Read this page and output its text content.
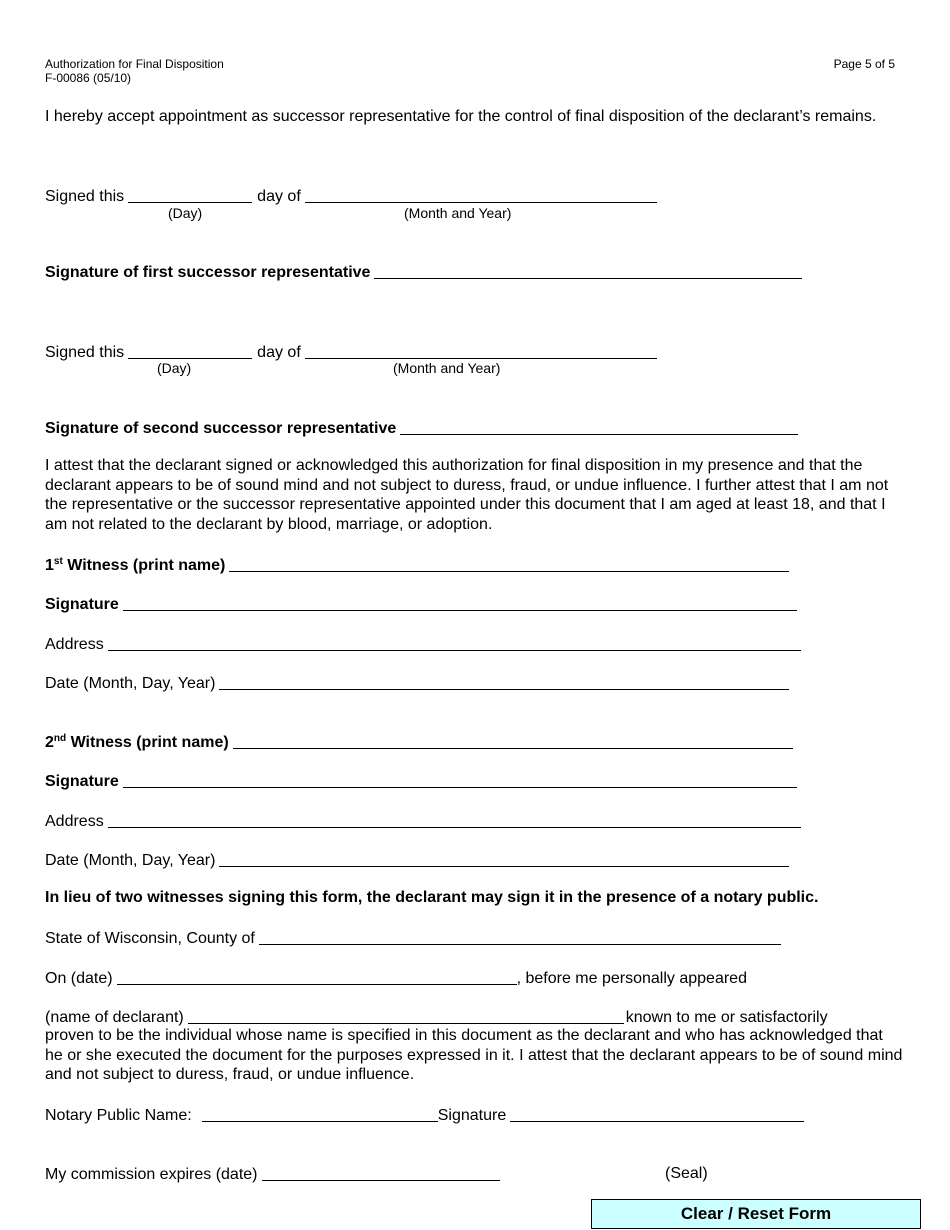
Authorization for Final Disposition
F-00086 (05/10)
Page 5 of 5
I hereby accept appointment as successor representative for the control of final disposition of the declarant’s remains.
Signed this	day of
(Day)	(Month and Year)
Signature of first successor representative
Signed this	day of
(Day)	(Month and Year)
Signature of second successor representative
I attest that the declarant signed or acknowledged this authorization for final disposition in my presence and that the declarant appears to be of sound mind and not subject to duress, fraud, or undue influence. I further attest that I am not the representative or the successor representative appointed under this document that I am aged at least 18, and that I am not related to the declarant by blood, marriage, or adoption.
1st Witness (print name)
Signature
Address
Date (Month, Day, Year)
2nd Witness (print name)
Signature
Address
Date (Month, Day, Year)
In lieu of two witnesses signing this form, the declarant may sign it in the presence of a notary public.
State of Wisconsin, County of
On (date)	, before me personally appeared
(name of declarant)	known to me or satisfactorily
proven to be the individual whose name is specified in this document as the declarant and who has acknowledged that he or she executed the document for the purposes expressed in it. I attest that the declarant appears to be of sound mind and not subject to duress, fraud, or undue influence.
Notary Public Name:	Signature
My commission expires (date)	(Seal)
Clear / Reset Form
